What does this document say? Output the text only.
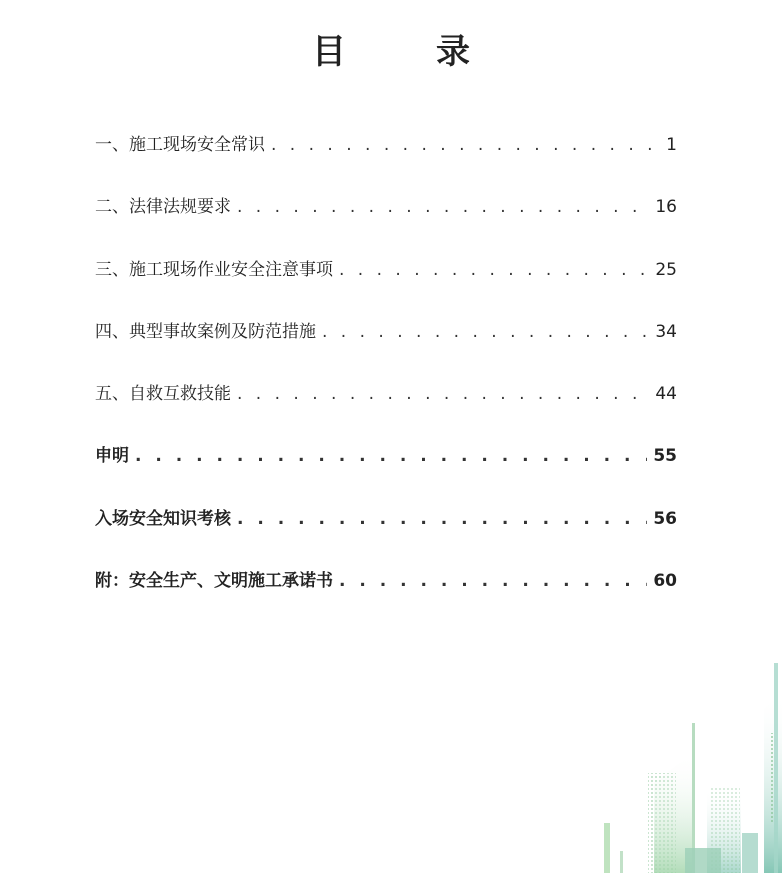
目　录
一、施工现场安全常识 . . .	1
二、法律法规要求 . . .	16
三、施工现场作业安全注意事项 . . .	25
四、典型事故案例及防范措施 . . .	34
五、自救互救技能 . . .	44
申明 . . .	55
入场安全知识考核 . . .	56
附：安全生产、文明施工承诺书 . . .	60
